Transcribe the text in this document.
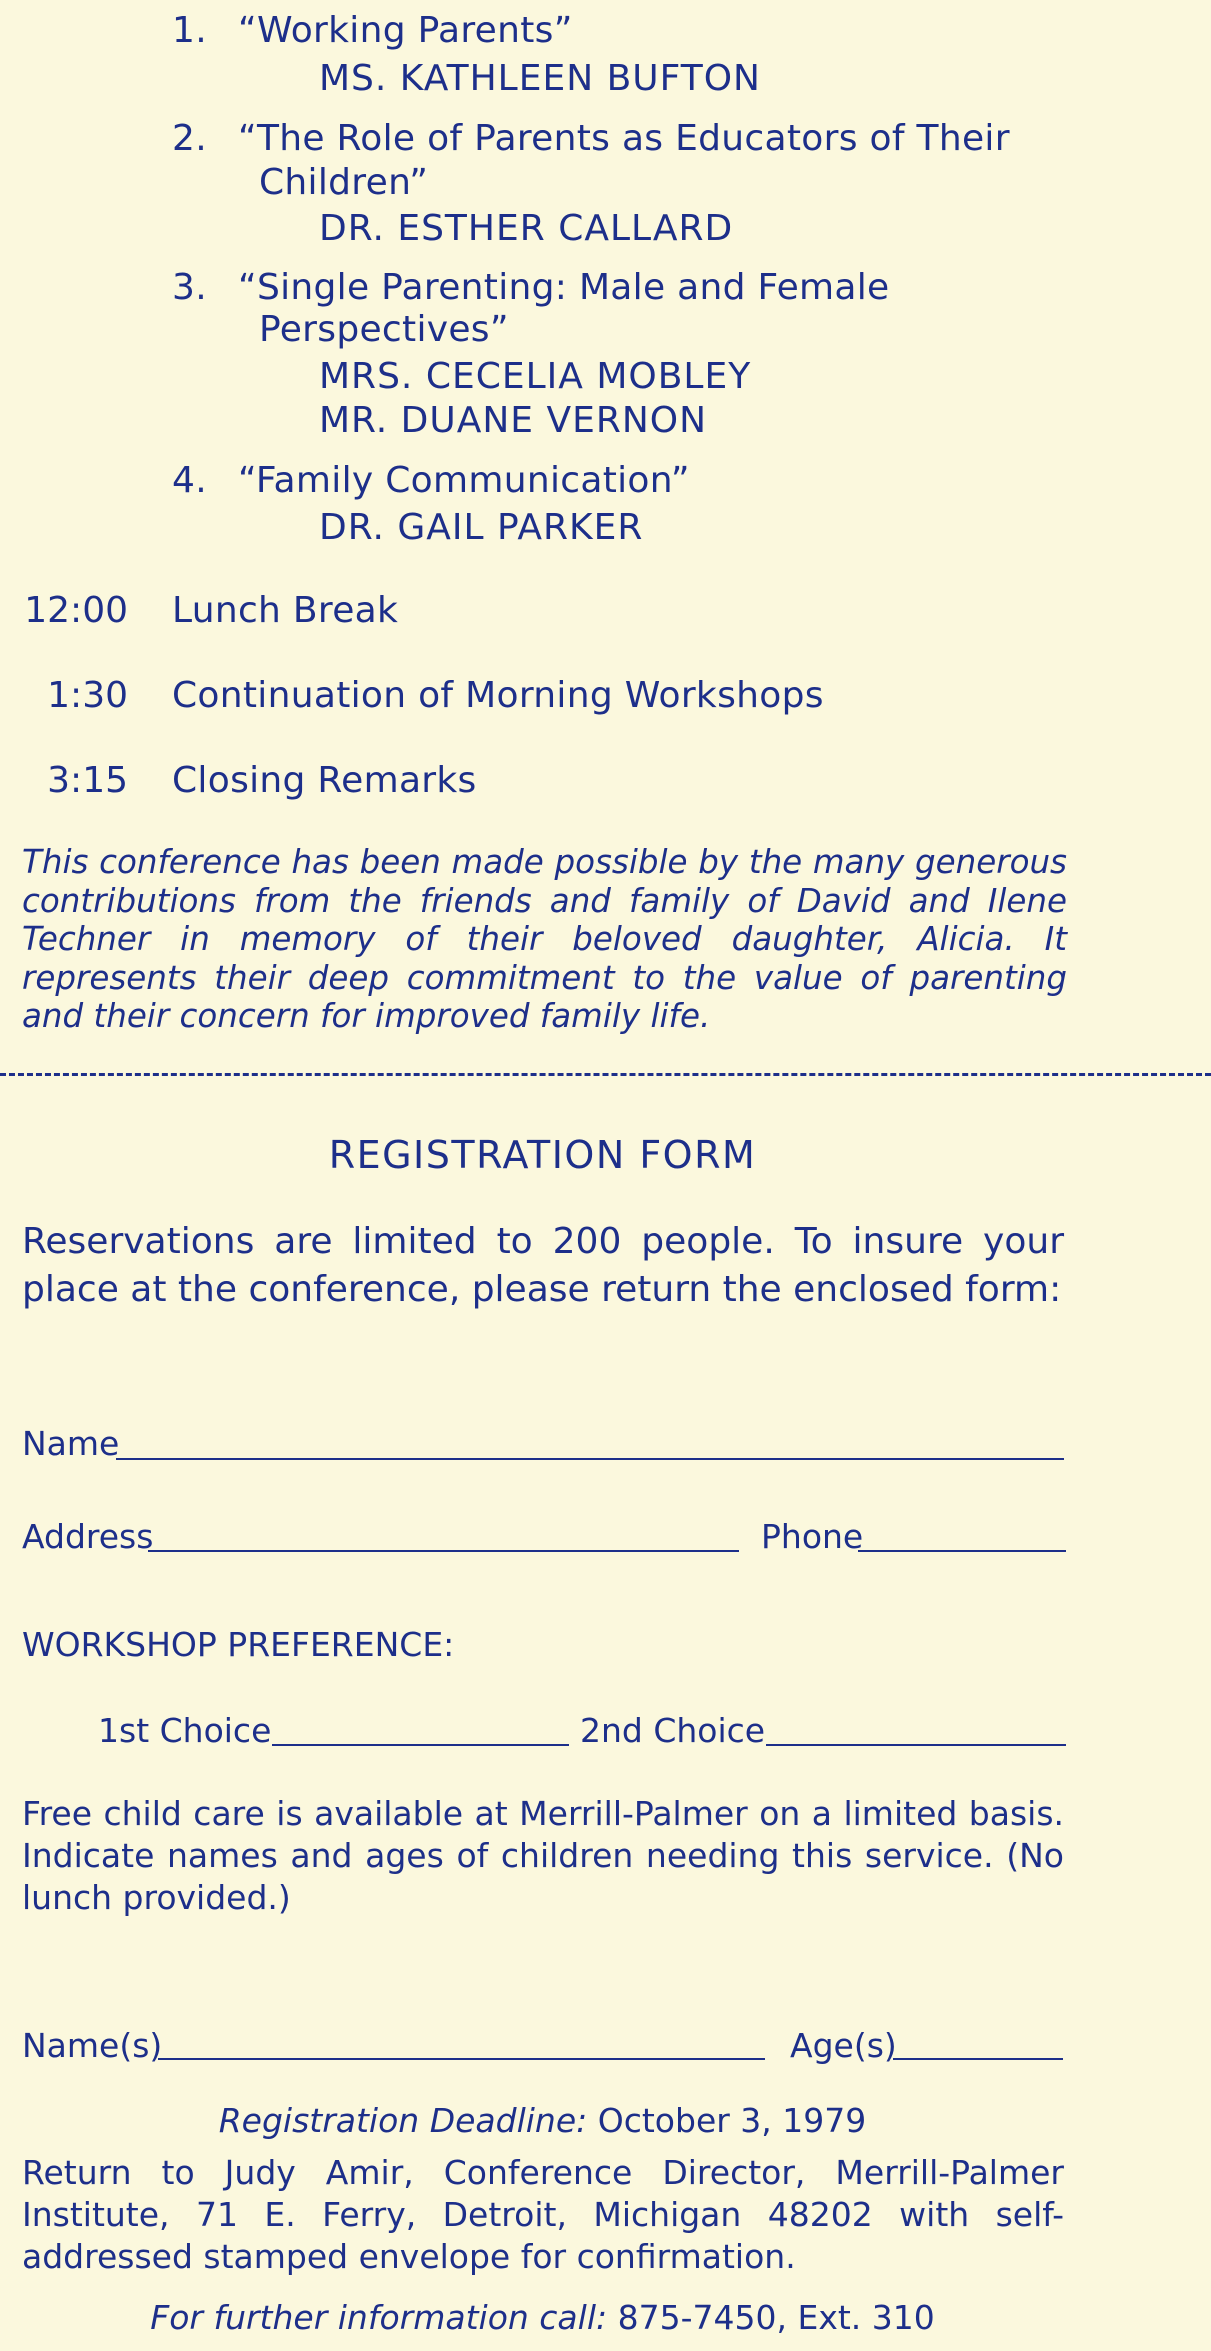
1. “Working Parents”
MS. KATHLEEN BUFTON
2. “The Role of Parents as Educators of Their
Children”
DR. ESTHER CALLARD
3. “Single Parenting: Male and Female
Perspectives”
MRS. CECELIA MOBLEY
MR. DUANE VERNON
4. “Family Communication”
DR. GAIL PARKER
12:00 Lunch Break
1:30 Continuation of Morning Workshops
3:15 Closing Remarks
This conference has been made possible by the many generous contributions from the friends and family of David and Ilene Techner in memory of their beloved daughter, Alicia. It represents their deep commitment to the value of parenting and their concern for improved family life.
REGISTRATION FORM
Reservations are limited to 200 people. To insure your place at the conference, please return the enclosed form:
Name
Address	Phone
WORKSHOP PREFERENCE:
1st Choice	2nd Choice
Free child care is available at Merrill-Palmer on a limited basis. Indicate names and ages of children needing this service. (No lunch provided.)
Name(s)	Age(s)
Registration Deadline: October 3, 1979
Return to Judy Amir, Conference Director, Merrill-Palmer Institute, 71 E. Ferry, Detroit, Michigan 48202 with self-addressed stamped envelope for confirmation.
For further information call: 875-7450, Ext. 310
